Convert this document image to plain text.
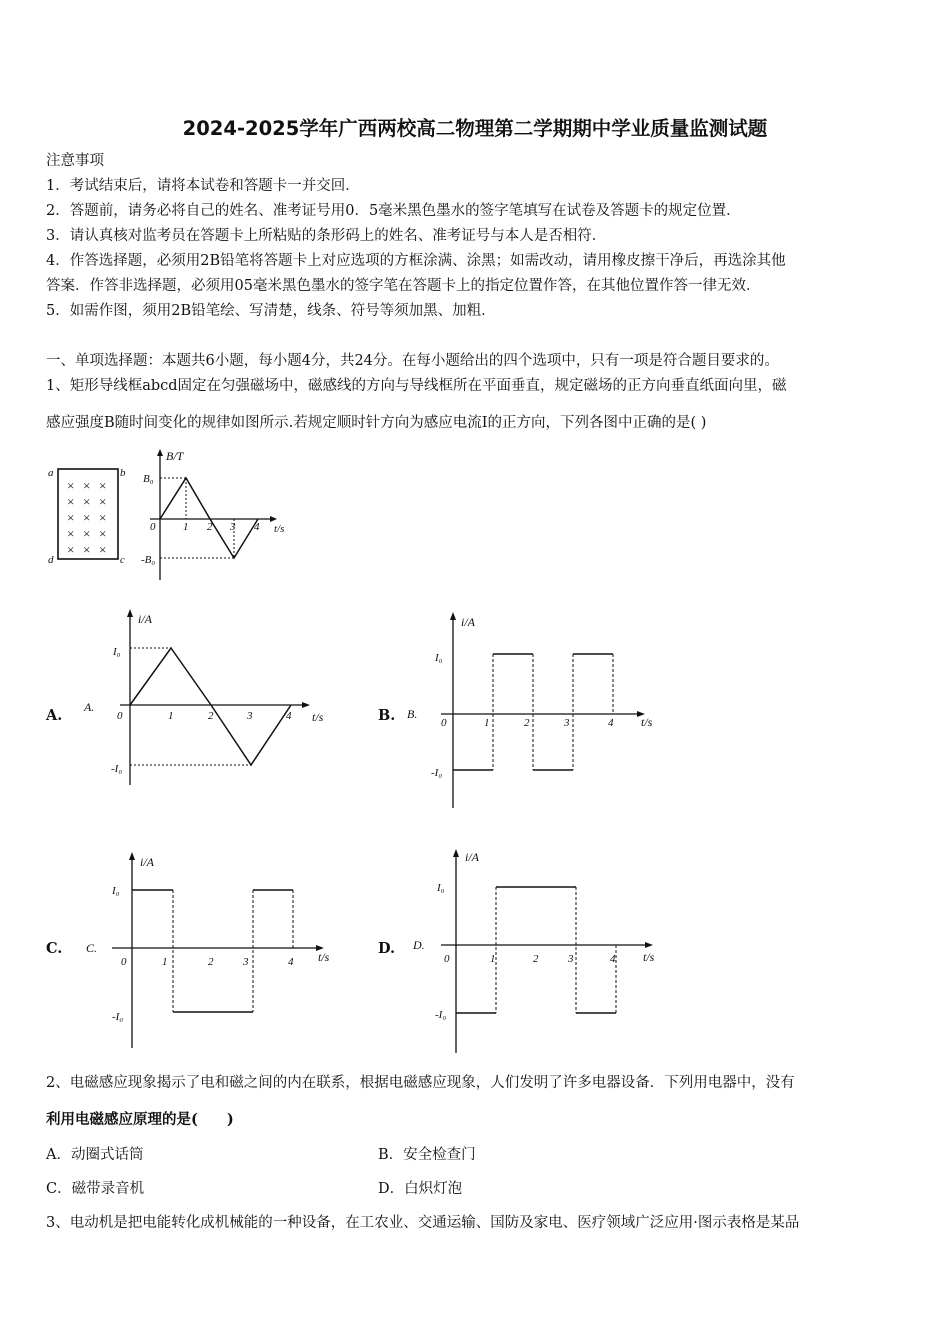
2024-2025学年广西两校高二物理第二学期期中学业质量监测试题
注意事项
1．考试结束后，请将本试卷和答题卡一并交回．
2．答题前，请务必将自己的姓名、准考证号用0．5毫米黑色墨水的签字笔填写在试卷及答题卡的规定位置．
3．请认真核对监考员在答题卡上所粘贴的条形码上的姓名、准考证号与本人是否相符．
4．作答选择题，必须用2B铅笔将答题卡上对应选项的方框涂满、涂黑；如需改动，请用橡皮擦干净后，再选涂其他
答案．作答非选择题，必须用05毫米黑色墨水的签字笔在答题卡上的指定位置作答，在其他位置作答一律无效．
5．如需作图，须用2B铅笔绘、写清楚，线条、符号等须加黑、加粗．
一、单项选择题：本题共6小题，每小题4分，共24分。在每小题给出的四个选项中，只有一项是符合题目要求的。
1、矩形导线框abcd固定在匀强磁场中，磁感线的方向与导线框所在平面垂直，规定磁场的正方向垂直纸面向里，磁
感应强度B随时间变化的规律如图所示.若规定顺时针方向为感应电流I的正方向，下列各图中正确的是( )
a	b
c
d
× × ×
× × ×
× × ×
× × ×
× × ×
B/T
t/s
B₀
-B₀
0	1 2 3 4
A.
i/A
t/s
A.
I₀
-I₀
0	1	2	3	4	B.
i/A
t/s
B.
I₀
-I₀
0	1	2	3	4
C.
i/A
t/s
C.
I₀
-I₀
0	1	2	3	4
D.
i/A
t/s
D.
I₀
-I₀
0	1	2	3	4
2、电磁感应现象揭示了电和磁之间的内在联系，根据电磁感应现象，人们发明了许多电器设备．下列用电器中，没有
利用电磁感应原理的是(　　)
A．动圈式话筒	B．安全检查门
C．磁带录音机	D．白炽灯泡
3、电动机是把电能转化成机械能的一种设备，在工农业、交通运输、国防及家电、医疗领域广泛应用·图示表格是某品
